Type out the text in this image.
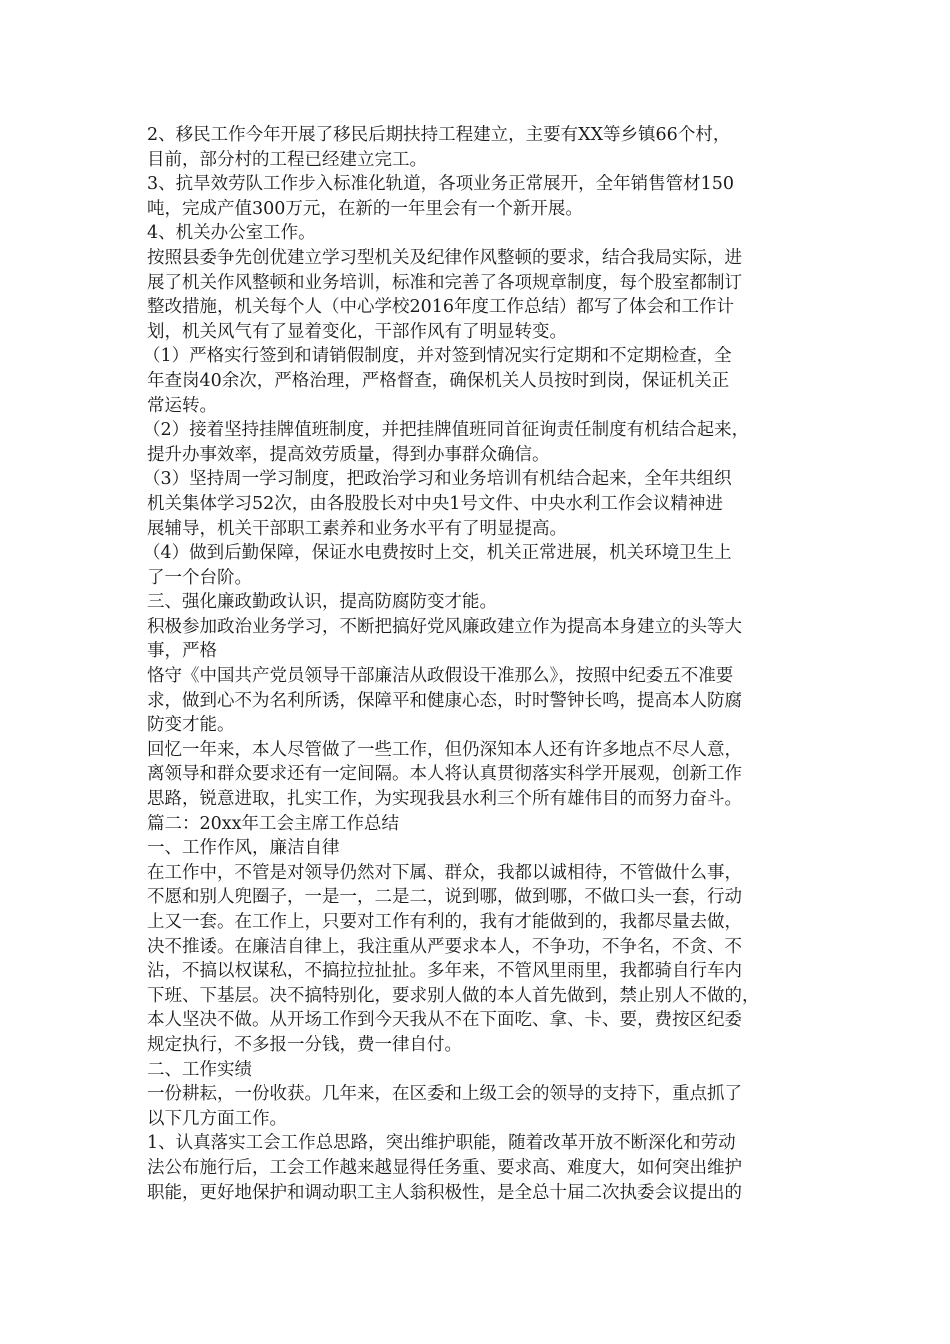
2、移民工作今年开展了移民后期扶持工程建立，主要有XX等乡镇66个村，
目前，部分村的工程已经建立完工。
3、抗旱效劳队工作步入标准化轨道，各项业务正常展开，全年销售管材150
吨，完成产值300万元，在新的一年里会有一个新开展。
4、机关办公室工作。
按照县委争先创优建立学习型机关及纪律作风整顿的要求，结合我局实际，进
展了机关作风整顿和业务培训，标准和完善了各项规章制度，每个股室都制订
整改措施，机关每个人（中心学校2016年度工作总结）都写了体会和工作计
划，机关风气有了显着变化，干部作风有了明显转变。
（1）严格实行签到和请销假制度，并对签到情况实行定期和不定期检查，全
年查岗40余次，严格治理，严格督查，确保机关人员按时到岗，保证机关正
常运转。
（2）接着坚持挂牌值班制度，并把挂牌值班同首征询责任制度有机结合起来，
提升办事效率，提高效劳质量，得到办事群众确信。
（3）坚持周一学习制度，把政治学习和业务培训有机结合起来，全年共组织
机关集体学习52次，由各股股长对中央1号文件、中央水利工作会议精神进
展辅导，机关干部职工素养和业务水平有了明显提高。
（4）做到后勤保障，保证水电费按时上交，机关正常进展，机关环境卫生上
了一个台阶。
三、强化廉政勤政认识，提高防腐防变才能。
积极参加政治业务学习，不断把搞好党风廉政建立作为提高本身建立的头等大
事，严格
恪守《中国共产党员领导干部廉洁从政假设干准那么》，按照中纪委五不准要
求，做到心不为名利所诱，保障平和健康心态，时时警钟长鸣，提高本人防腐
防变才能。
回忆一年来，本人尽管做了一些工作，但仍深知本人还有许多地点不尽人意，
离领导和群众要求还有一定间隔。本人将认真贯彻落实科学开展观，创新工作
思路，锐意进取，扎实工作，为实现我县水利三个所有雄伟目的而努力奋斗。
篇二：20xx年工会主席工作总结
一、工作作风，廉洁自律
在工作中，不管是对领导仍然对下属、群众，我都以诚相待，不管做什么事，
不愿和别人兜圈子，一是一，二是二，说到哪，做到哪，不做口头一套，行动
上又一套。在工作上，只要对工作有利的，我有才能做到的，我都尽量去做，
决不推诿。在廉洁自律上，我注重从严要求本人，不争功，不争名，不贪、不
沾，不搞以权谋私，不搞拉拉扯扯。多年来，不管风里雨里，我都骑自行车内
下班、下基层。决不搞特别化，要求别人做的本人首先做到，禁止别人不做的，
本人坚决不做。从开场工作到今天我从不在下面吃、拿、卡、要，费按区纪委
规定执行，不多报一分钱，费一律自付。
二、工作实绩
一份耕耘，一份收获。几年来，在区委和上级工会的领导的支持下，重点抓了
以下几方面工作。
1、认真落实工会工作总思路，突出维护职能，随着改革开放不断深化和劳动
法公布施行后，工会工作越来越显得任务重、要求高、难度大，如何突出维护
职能，更好地保护和调动职工主人翁积极性，是全总十届二次执委会议提出的
